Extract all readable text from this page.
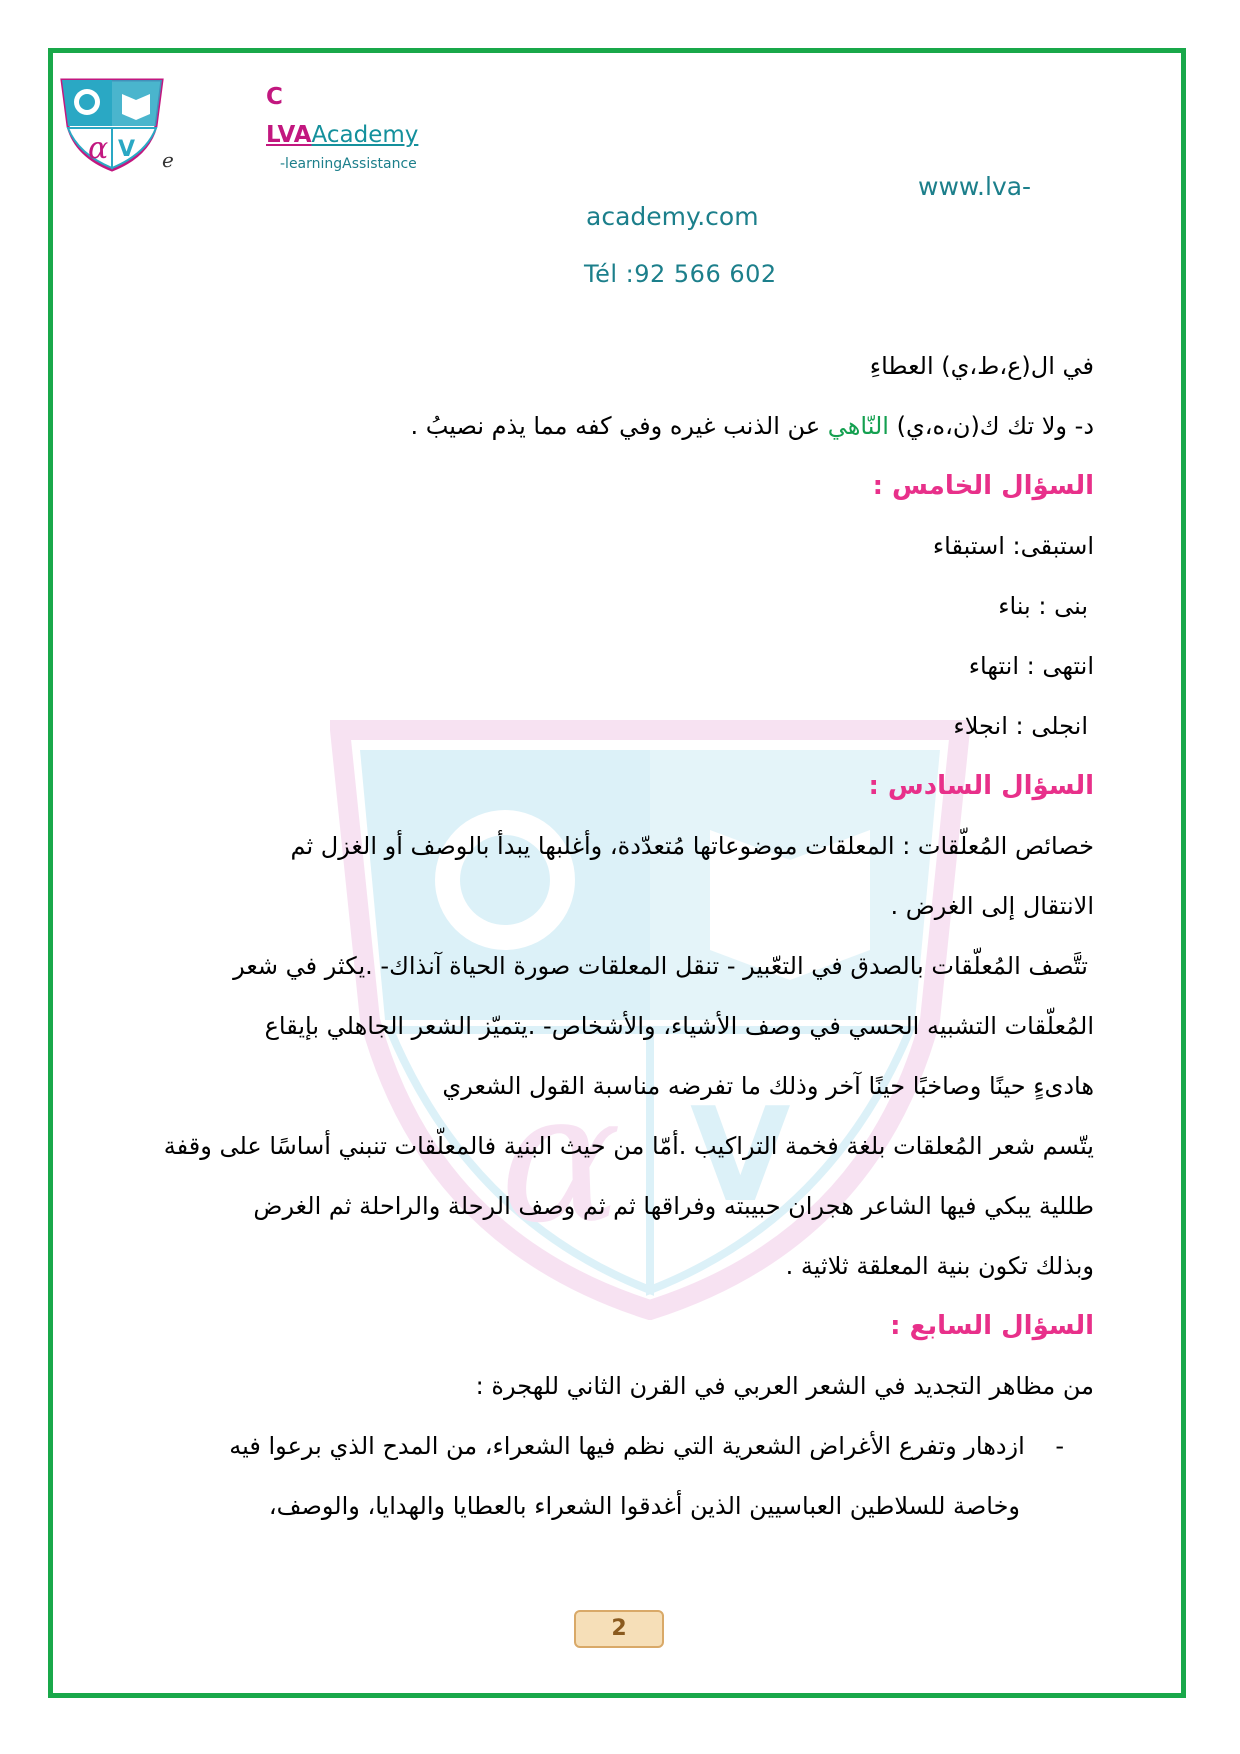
α V e
C
LVAAcademy
-learningAssistance
www.lva-
academy.com
Tél :92 566 602
α V

في ال(ع،ط،ي) العطاءِ

د- ولا تك ك(ن،ه،ي) النّاهي عن الذنب غيره وفي كفه مما يذم نصيبُ .

السؤال الخامس :

استبقى: استبقاء

بنى : بناء

انتهى : انتهاء

انجلى : انجلاء

السؤال السادس :

خصائص المُعلّقات : المعلقات موضوعاتها مُتعدّدة، وأغلبها يبدأ بالوصف أو الغزل ثم

الانتقال إلى الغرض .

تتَّصف المُعلّقات بالصدق في التعّبير - تنقل المعلقات صورة الحياة آنذاك- .يكثر في شعر

المُعلّقات التشبيه الحسي في وصف الأشياء، والأشخاص- .يتميّز الشعر الجاهلي بإيقاع

هادىءٍ حينًا وصاخبًا حينًا آخر وذلك ما تفرضه مناسبة القول الشعري

يتّسم شعر المُعلقات بلغة فخمة التراكيب .أمّا من حيث البنية فالمعلّقات تنبني أساسًا على وقفة

طللية يبكي فيها الشاعر هجران حبيبته وفراقها ثم ثم وصف الرحلة والراحلة ثم الغرض

وبذلك تكون بنية المعلقة ثلاثية .

السؤال السابع :

من مظاهر التجديد في الشعر العربي في القرن الثاني للهجرة :

-    ازدهار وتفرع الأغراض الشعرية التي نظم فيها الشعراء، من المدح الذي برعوا فيه

وخاصة للسلاطين العباسيين الذين أغدقوا الشعراء بالعطايا والهدايا، والوصف،

2
